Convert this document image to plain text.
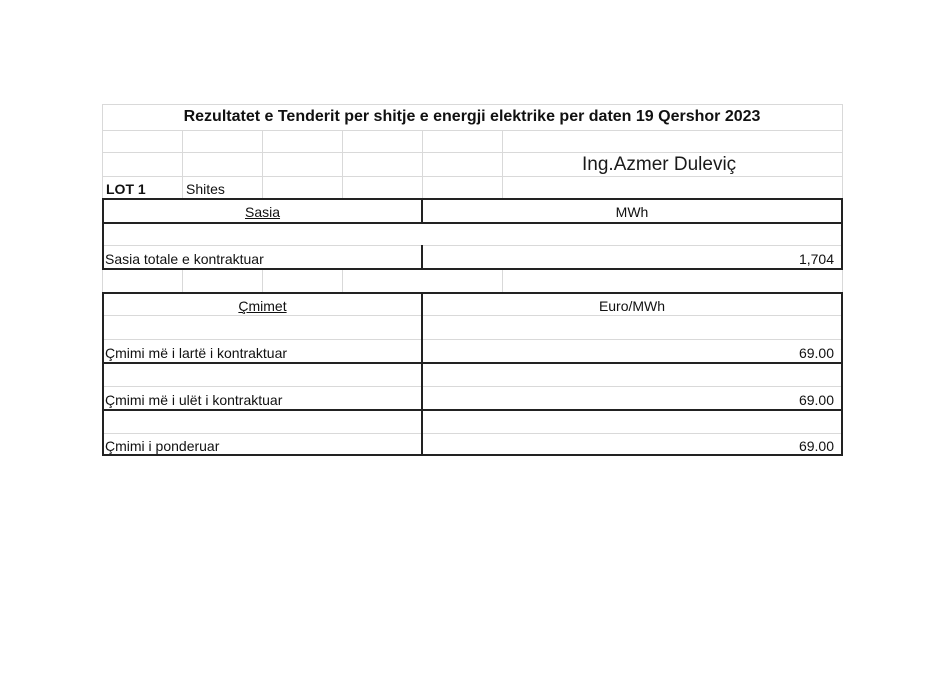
Rezultatet e Tenderit per shitje e energji elektrike per daten 19 Qershor 2023
Ing.Azmer Duleviç
LOT 1	Shites
Sasia	MWh
Sasia totale e kontraktuar	1,704
Çmimet	Euro/MWh
Çmimi më i lartë i kontraktuar	69.00
Çmimi më i ulët i kontraktuar	69.00
Çmimi i ponderuar	69.00
